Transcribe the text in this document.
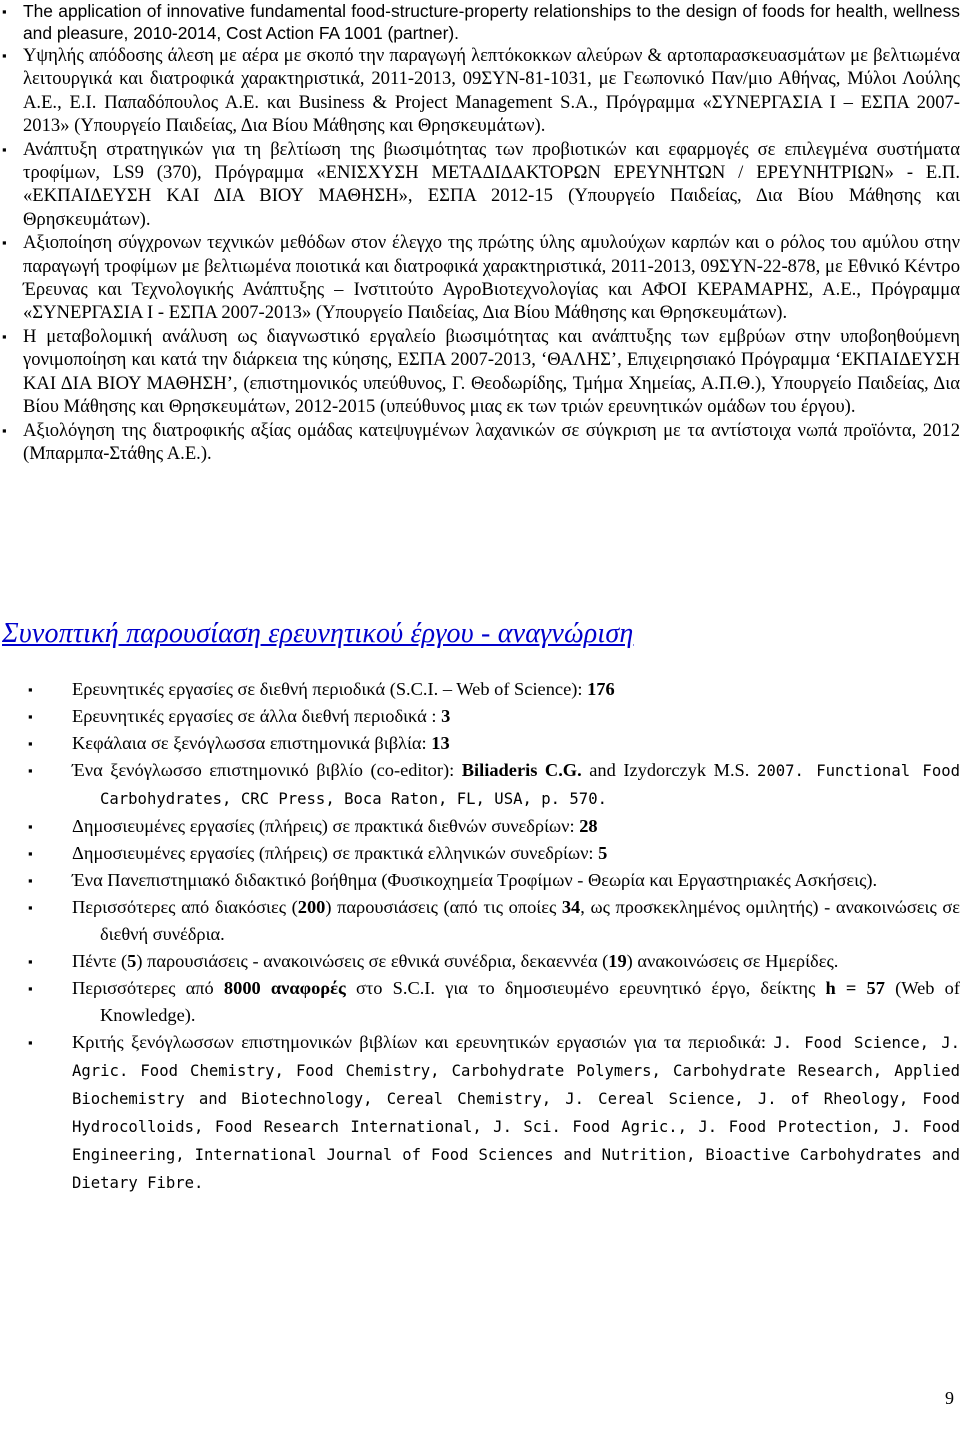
▪ The application of innovative fundamental food-structure-property relationships to the design of foods for health, wellness and pleasure, 2010-2014, Cost Action FA 1001 (partner).
▪ Υψηλής απόδοσης άλεση με αέρα με σκοπό την παραγωγή λεπτόκοκκων αλεύρων & αρτοπαρασκευασμάτων με βελτιωμένα λειτουργικά και διατροφικά χαρακτηριστικά, 2011-2013, 09ΣΥΝ-81-1031, με Γεωπονικό Παν/μιο Αθήνας, Μύλοι Λούλης Α.Ε., Ε.Ι. Παπαδόπουλος Α.Ε. και Business & Project Management S.A., Πρόγραμμα «ΣΥΝΕΡΓΑΣΙΑ Ι – ΕΣΠΑ 2007- 2013» (Υπουργείο Παιδείας, Δια Βίου Μάθησης και Θρησκευμάτων).
▪ Ανάπτυξη στρατηγικών για τη βελτίωση της βιωσιμότητας των προβιοτικών και εφαρμογές σε επιλεγμένα συστήματα τροφίμων, LS9 (370), Πρόγραμμα «ΕΝΙΣΧΥΣΗ ΜΕΤΑΔΙΔΑΚΤΟΡΩΝ ΕΡΕΥΝΗΤΩΝ / ΕΡΕΥΝΗΤΡΙΩΝ» - Ε.Π. «ΕΚΠΑΙΔΕΥΣΗ ΚΑΙ ΔΙΑ ΒΙΟΥ ΜΑΘΗΣΗ», ΕΣΠΑ 2012-15 (Υπουργείο Παιδείας, Δια Βίου Μάθησης και Θρησκευμάτων).
▪ Αξιοποίηση σύγχρονων τεχνικών μεθόδων στον έλεγχο της πρώτης ύλης αμυλούχων καρπών και ο ρόλος του αμύλου στην παραγωγή τροφίμων με βελτιωμένα ποιοτικά και διατροφικά χαρακτηριστικά, 2011-2013, 09ΣΥΝ-22-878, με Εθνικό Κέντρο Έρευνας και Τεχνολογικής Ανάπτυξης – Ινστιτούτο ΑγροΒιοτεχνολογίας και ΑΦΟΙ ΚΕΡΑΜΑΡΗΣ, Α.Ε., Πρόγραμμα «ΣΥΝΕΡΓΑΣΙΑ Ι - ΕΣΠΑ 2007-2013» (Υπουργείο Παιδείας, Δια Βίου Μάθησης και Θρησκευμάτων).
▪ Η μεταβολομική ανάλυση ως διαγνωστικό εργαλείο βιωσιμότητας και ανάπτυξης των εμβρύων στην υποβοηθούμενη γονιμοποίηση και κατά την διάρκεια της κύησης, ΕΣΠΑ 2007-2013, ‘ΘΑΛΗΣ’, Επιχειρησιακό Πρόγραμμα ‘ΕΚΠΑΙΔΕΥΣΗ ΚΑΙ ΔΙΑ ΒΙΟΥ ΜΑΘΗΣΗ’, (επιστημονικός υπεύθυνος, Γ. Θεοδωρίδης, Τμήμα Χημείας, Α.Π.Θ.), Υπουργείο Παιδείας, Δια Βίου Μάθησης και Θρησκευμάτων, 2012-2015 (υπεύθυνος μιας εκ των τριών ερευνητικών ομάδων του έργου).
▪ Αξιολόγηση της διατροφικής αξίας ομάδας κατεψυγμένων λαχανικών σε σύγκριση με τα αντίστοιχα νωπά προϊόντα, 2012 (Μπαρμπα-Στάθης Α.Ε.).
Συνοπτική παρουσίαση ερευνητικού έργου - αναγνώριση
▪ Ερευνητικές εργασίες σε διεθνή περιοδικά (S.C.I. – Web of Science): 176
▪ Ερευνητικές εργασίες σε άλλα διεθνή περιοδικά : 3
▪ Κεφάλαια σε ξενόγλωσσα επιστημονικά βιβλία: 13
▪ Ένα ξενόγλωσσο επιστημονικό βιβλίο (co-editor): Biliaderis C.G. and Izydorczyk M.S. 2007. Functional Food Carbohydrates, CRC Press, Boca Raton, FL, USA, p. 570.
▪ Δημοσιευμένες εργασίες (πλήρεις) σε πρακτικά διεθνών συνεδρίων: 28
▪ Δημοσιευμένες εργασίες (πλήρεις) σε πρακτικά ελληνικών συνεδρίων: 5
▪ Ένα Πανεπιστημιακό διδακτικό βοήθημα (Φυσικοχημεία Τροφίμων - Θεωρία και Εργαστηριακές Ασκήσεις).
▪ Περισσότερες από διακόσιες (200) παρουσιάσεις (από τις οποίες 34, ως προσκεκλημένος ομιλητής) - ανακοινώσεις σε διεθνή συνέδρια.
▪ Πέντε (5) παρουσιάσεις - ανακοινώσεις σε εθνικά συνέδρια, δεκαεννέα (19) ανακοινώσεις σε Ημερίδες.
▪ Περισσότερες από 8000 αναφορές στο S.C.I. για το δημοσιευμένο ερευνητικό έργο, δείκτης h = 57 (Web of Knowledge).
▪ Κριτής ξενόγλωσσων επιστημονικών βιβλίων και ερευνητικών εργασιών για τα περιοδικά: J. Food Science, J. Agric. Food Chemistry, Food Chemistry, Carbohydrate Polymers, Carbohydrate Research, Applied Biochemistry and Biotechnology, Cereal Chemistry, J. Cereal Science, J. of Rheology, Food Hydrocolloids, Food Research International, J. Sci. Food Agric., J. Food Protection, J. Food Engineering, International Journal of Food Sciences and Nutrition, Bioactive Carbohydrates and Dietary Fibre.
9
